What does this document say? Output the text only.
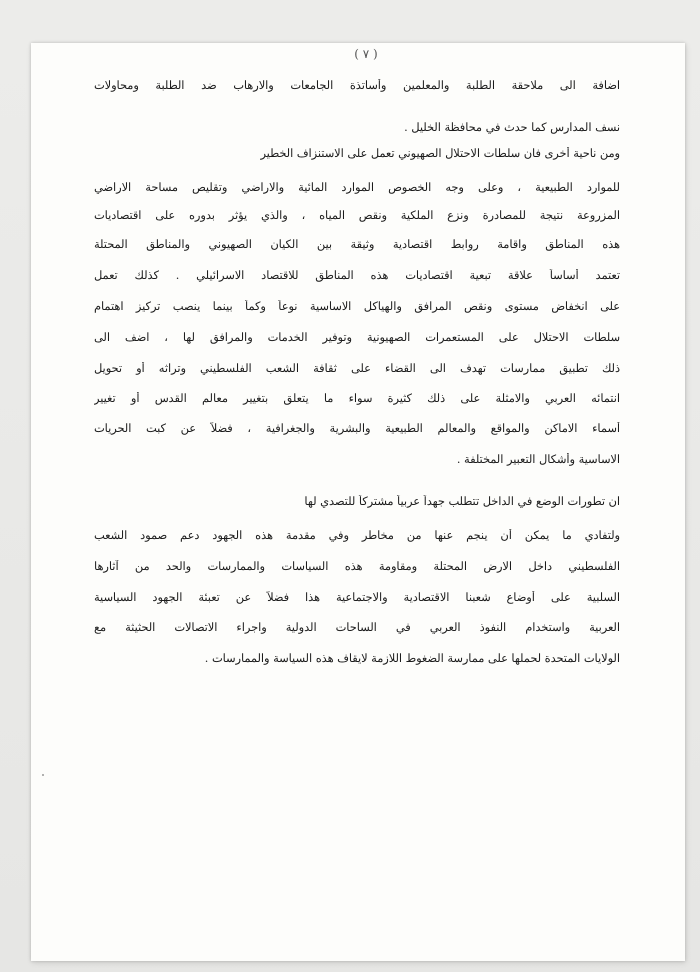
( ٧ )
اضافة الى ملاحقة الطلبة والمعلمين وأساتذة الجامعات والارهاب ضد الطلبة ومحاولات
نسف المدارس كما حدث في محافظة الخليل .
ومن ناحية أخرى فان سلطات الاحتلال الصهيوني تعمل على الاستنزاف الخطير
للموارد الطبيعية ، وعلى وجه الخصوص الموارد المائية والاراضي وتقليص مساحة الاراضي
المزروعة نتيجة للمصادرة ونزع الملكية ونقص المياه ، والذي يؤثر بدوره على اقتصاديات
هذه المناطق واقامة روابط اقتصادية وثيقة بين الكيان الصهيوني والمناطق المحتلة
تعتمد أساساً علاقة تبعية اقتصاديات هذه المناطق للاقتصاد الاسرائيلي . كذلك تعمل
على انخفاض مستوى ونقص المرافق والهياكل الاساسية نوعاً وكماً بينما ينصب تركيز اهتمام
سلطات الاحتلال على المستعمرات الصهيونية وتوفير الخدمات والمرافق لها ، اضف الى
ذلك تطبيق ممارسات تهدف الى القضاء على ثقافة الشعب الفلسطيني وتراثه أو تحويل
انتمائه العربي والامثلة على ذلك كثيرة سواء ما يتعلق بتغيير معالم القدس أو تغيير
أسماء الاماكن والمواقع والمعالم الطبيعية والبشرية والجغرافية ، فضلاً عن كبت الحريات
الاساسية وأشكال التعبير المختلفة .
ان تطورات الوضع في الداخل تتطلب جهداً عربياً مشتركاً للتصدي لها
ولتفادي ما يمكن أن ينجم عنها من مخاطر وفي مقدمة هذه الجهود دعم صمود الشعب
الفلسطيني داخل الارض المحتلة ومقاومة هذه السياسات والممارسات والحد من آثارها
السلبية على أوضاع شعبنا الاقتصادية والاجتماعية هذا فضلاً عن تعبئة الجهود السياسية
العربية واستخدام النفوذ العربي في الساحات الدولية واجراء الاتصالات الحثيثة مع
الولايات المتحدة لحملها على ممارسة الضغوط اللازمة لايقاف هذه السياسة والممارسات .
